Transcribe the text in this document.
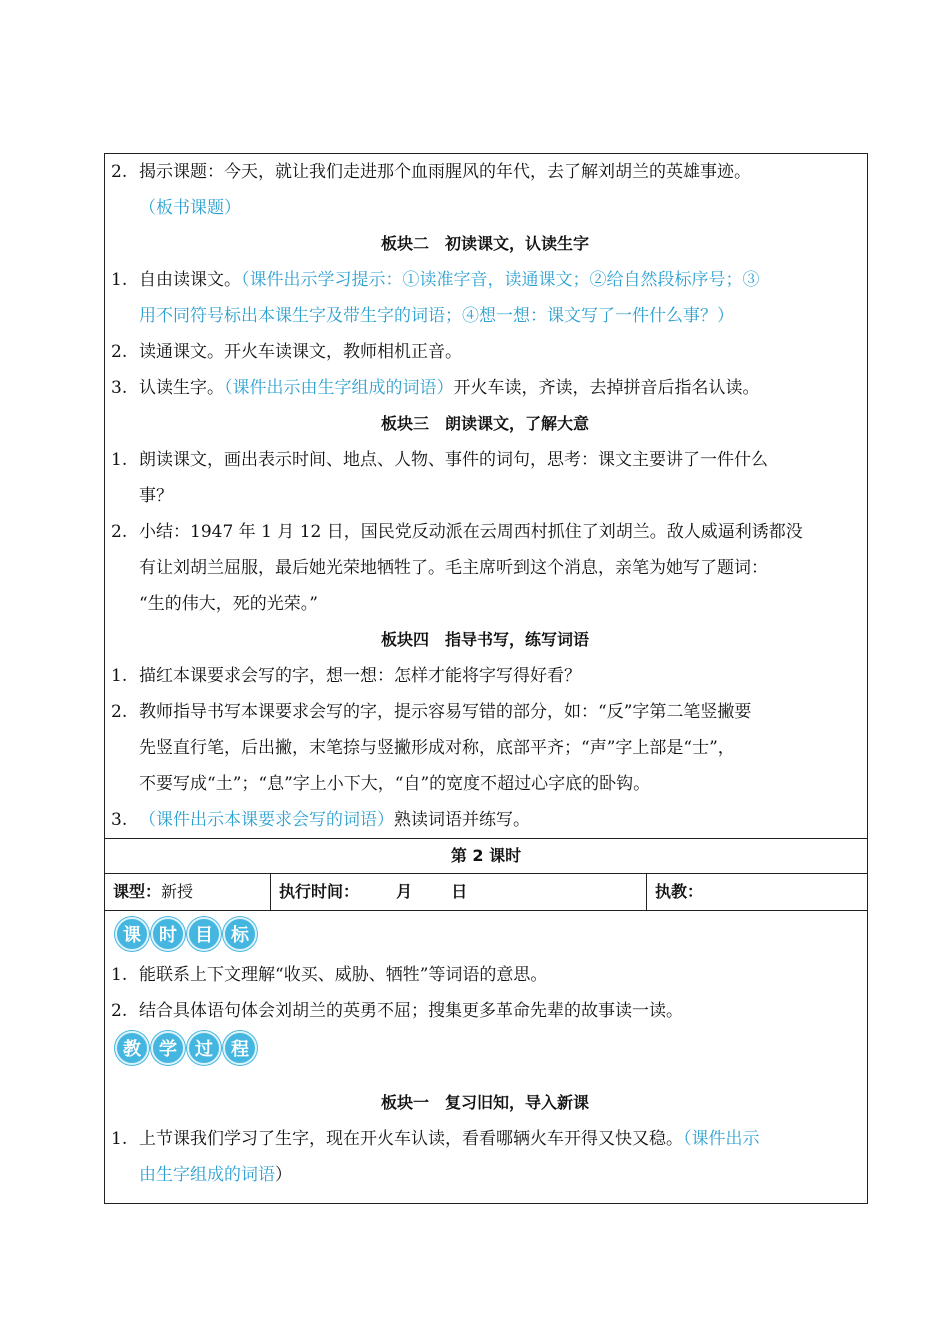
2. 揭示课题：今天，就让我们走进那个血雨腥风的年代，去了解刘胡兰的英雄事迹。
（板书课题）
板块二　初读课文，认读生字
1. 自由读课文。（课件出示学习提示：①读准字音，读通课文；②给自然段标序号；③
用不同符号标出本课生字及带生字的词语；④想一想：课文写了一件什么事？）
2. 读通课文。开火车读课文，教师相机正音。
3. 认读生字。（课件出示由生字组成的词语）开火车读，齐读，去掉拼音后指名认读。
板块三　朗读课文，了解大意
1. 朗读课文，画出表示时间、地点、人物、事件的词句，思考：课文主要讲了一件什么
事？
2. 小结：1947 年 1 月 12 日，国民党反动派在云周西村抓住了刘胡兰。敌人威逼利诱都没
有让刘胡兰屈服，最后她光荣地牺牲了。毛主席听到这个消息，亲笔为她写了题词：
“生的伟大，死的光荣。”
板块四　指导书写，练写词语
1. 描红本课要求会写的字，想一想：怎样才能将字写得好看？
2. 教师指导书写本课要求会写的字，提示容易写错的部分，如：“反”字第二笔竖撇要
先竖直行笔，后出撇，末笔捺与竖撇形成对称，底部平齐；“声”字上部是“士”，
不要写成“土”；“息”字上小下大，“自”的宽度不超过心字底的卧钩。
3. （课件出示本课要求会写的词语）熟读词语并练写。
第 2 课时
课型：新授	执行时间： 月 日	执教：
课	时	目	标
1. 能联系上下文理解“收买、威胁、牺牲”等词语的意思。
2. 结合具体语句体会刘胡兰的英勇不屈；搜集更多革命先辈的故事读一读。
教	学	过	程
板块一　复习旧知，导入新课
1. 上节课我们学习了生字，现在开火车认读，看看哪辆火车开得又快又稳。（课件出示
由生字组成的词语）
